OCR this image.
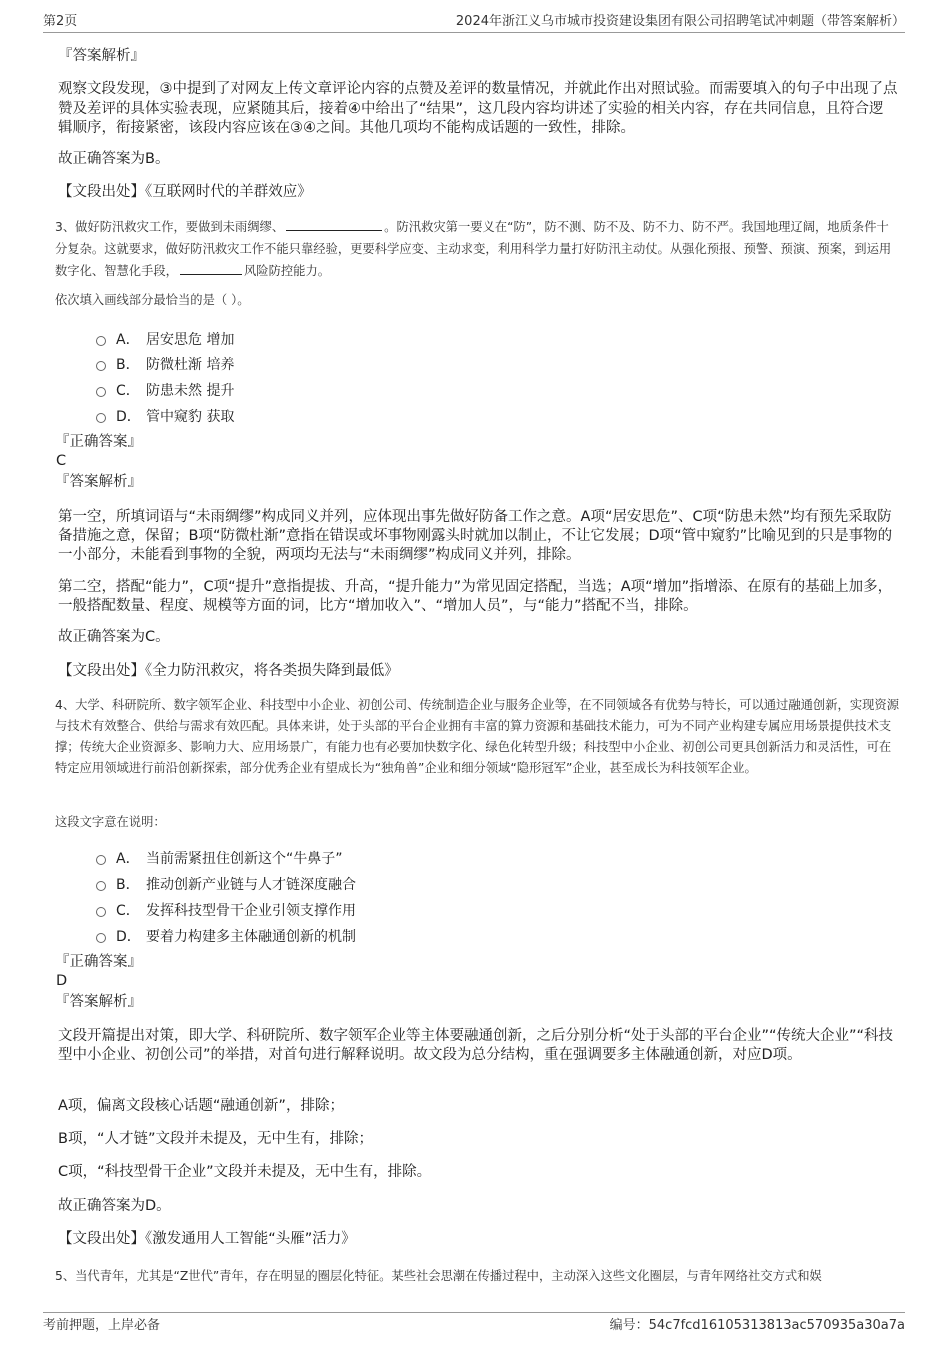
第2页	2024年浙江义乌市城市投资建设集团有限公司招聘笔试冲刺题（带答案解析）
『答案解析』
观察文段发现，③中提到了对网友上传文章评论内容的点赞及差评的数量情况，并就此作出对照试验。而需要填入的句子中出现了点赞及差评的具体实验表现，应紧随其后，接着④中给出了“结果”，这几段内容均讲述了实验的相关内容，存在共同信息，且符合逻辑顺序，衔接紧密，该段内容应该在③④之间。其他几项均不能构成话题的一致性，排除。
故正确答案为B。
【文段出处】《互联网时代的羊群效应》
3、做好防汛救灾工作，要做到未雨绸缪、	。防汛救灾第一要义在“防”，防不测、防不及、防不力、防不严。我国地理辽阔，地质条件十分复杂。这就要求，做好防汛救灾工作不能只靠经验，更要科学应变、主动求变，利用科学力量打好防汛主动仗。从强化预报、预警、预演、预案，到运用数字化、智慧化手段，	风险防控能力。
依次填入画线部分最恰当的是（ ）。
A． 居安思危 增加
B． 防微杜渐 培养
C． 防患未然 提升
D． 管中窥豹 获取
『正确答案』
C
『答案解析』
第一空，所填词语与“未雨绸缪”构成同义并列，应体现出事先做好防备工作之意。A项“居安思危”、C项“防患未然”均有预先采取防备措施之意，保留；B项“防微杜渐”意指在错误或坏事物刚露头时就加以制止，不让它发展；D项“管中窥豹”比喻见到的只是事物的一小部分，未能看到事物的全貌，两项均无法与“未雨绸缪”构成同义并列，排除。
第二空，搭配“能力”，C项“提升”意指提拔、升高，“提升能力”为常见固定搭配，当选；A项“增加”指增添、在原有的基础上加多，一般搭配数量、程度、规模等方面的词，比方“增加收入”、“增加人员”，与“能力”搭配不当，排除。
故正确答案为C。
【文段出处】《全力防汛救灾，将各类损失降到最低》
4、大学、科研院所、数字领军企业、科技型中小企业、初创公司、传统制造企业与服务企业等，在不同领域各有优势与特长，可以通过融通创新，实现资源与技术有效整合、供给与需求有效匹配。具体来讲，处于头部的平台企业拥有丰富的算力资源和基础技术能力，可为不同产业构建专属应用场景提供技术支撑；传统大企业资源多、影响力大、应用场景广，有能力也有必要加快数字化、绿色化转型升级；科技型中小企业、初创公司更具创新活力和灵活性，可在特定应用领域进行前沿创新探索，部分优秀企业有望成长为“独角兽”企业和细分领域“隐形冠军”企业，甚至成长为科技领军企业。
这段文字意在说明：
A． 当前需紧扭住创新这个“牛鼻子”
B． 推动创新产业链与人才链深度融合
C． 发挥科技型骨干企业引领支撑作用
D． 要着力构建多主体融通创新的机制
『正确答案』
D
『答案解析』
文段开篇提出对策，即大学、科研院所、数字领军企业等主体要融通创新，之后分别分析“处于头部的平台企业”“传统大企业”“科技型中小企业、初创公司”的举措，对首句进行解释说明。故文段为总分结构，重在强调要多主体融通创新，对应D项。
A项，偏离文段核心话题“融通创新”，排除；
B项，“人才链”文段并未提及，无中生有，排除；
C项，“科技型骨干企业”文段并未提及，无中生有，排除。
故正确答案为D。
【文段出处】《激发通用人工智能“头雁”活力》
5、当代青年，尤其是“Z世代”青年，存在明显的圈层化特征。某些社会思潮在传播过程中，主动深入这些文化圈层，与青年网络社交方式和娱
考前押题，上岸必备	编号：54c7fcd16105313813ac570935a30a7a
